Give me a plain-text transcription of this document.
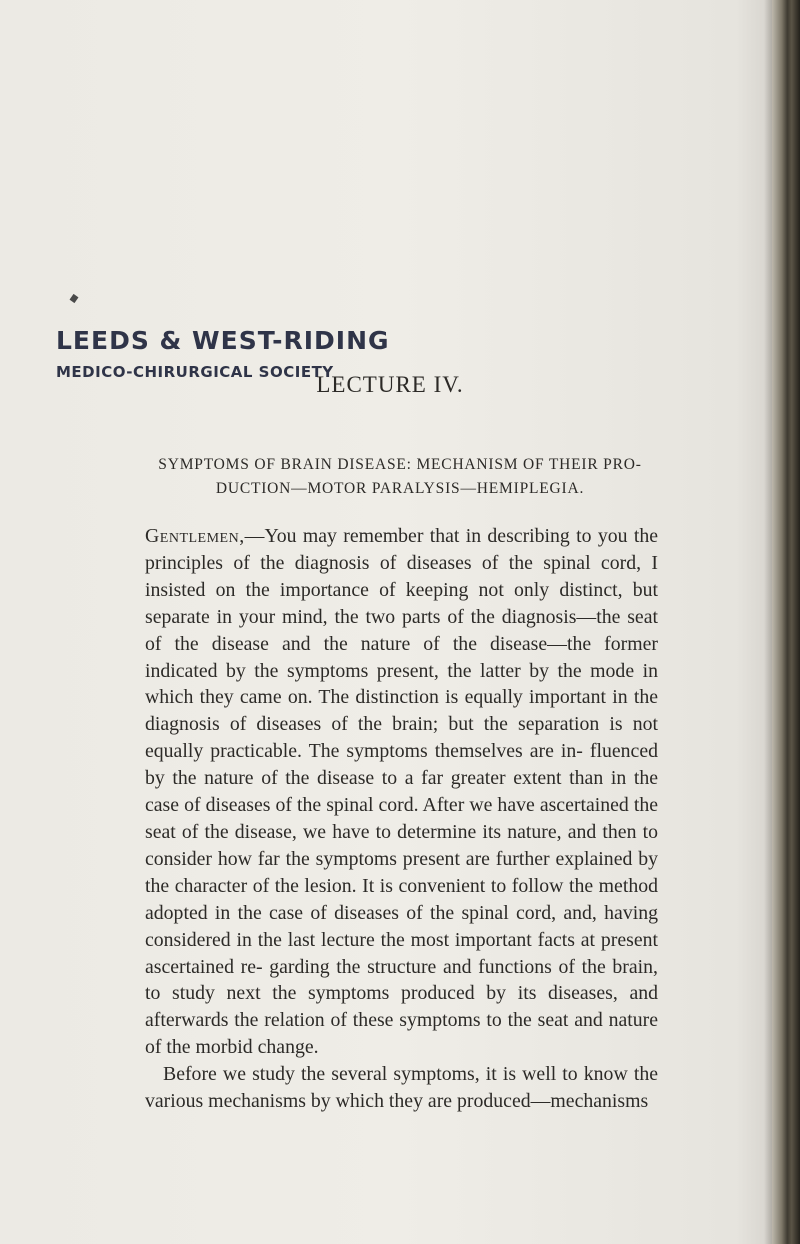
LEEDS & WEST-RIDING
MEDICO-CHIRURGICAL SOCIETY
LECTURE IV.
SYMPTOMS OF BRAIN DISEASE: MECHANISM OF THEIR PRO- DUCTION—MOTOR PARALYSIS—HEMIPLEGIA.

Gentlemen,—You may remember that in describing to you the principles of the diagnosis of diseases of the spinal cord, I insisted on the importance of keeping not only distinct, but separate in your mind, the two parts of the diagnosis—the seat of the disease and the nature of the disease—the former indicated by the symptoms present, the latter by the mode in which they came on. The distinction is equally important in the diagnosis of diseases of the brain; but the separation is not equally practicable. The symptoms themselves are in- fluenced by the nature of the disease to a far greater extent than in the case of diseases of the spinal cord. After we have ascertained the seat of the disease, we have to determine its nature, and then to consider how far the symptoms present are further explained by the character of the lesion. It is convenient to follow the method adopted in the case of diseases of the spinal cord, and, having considered in the last lecture the most important facts at present ascertained re- garding the structure and functions of the brain, to study next the symptoms produced by its diseases, and afterwards the relation of these symptoms to the seat and nature of the morbid change.

Before we study the several symptoms, it is well to know the various mechanisms by which they are produced—mechanisms
